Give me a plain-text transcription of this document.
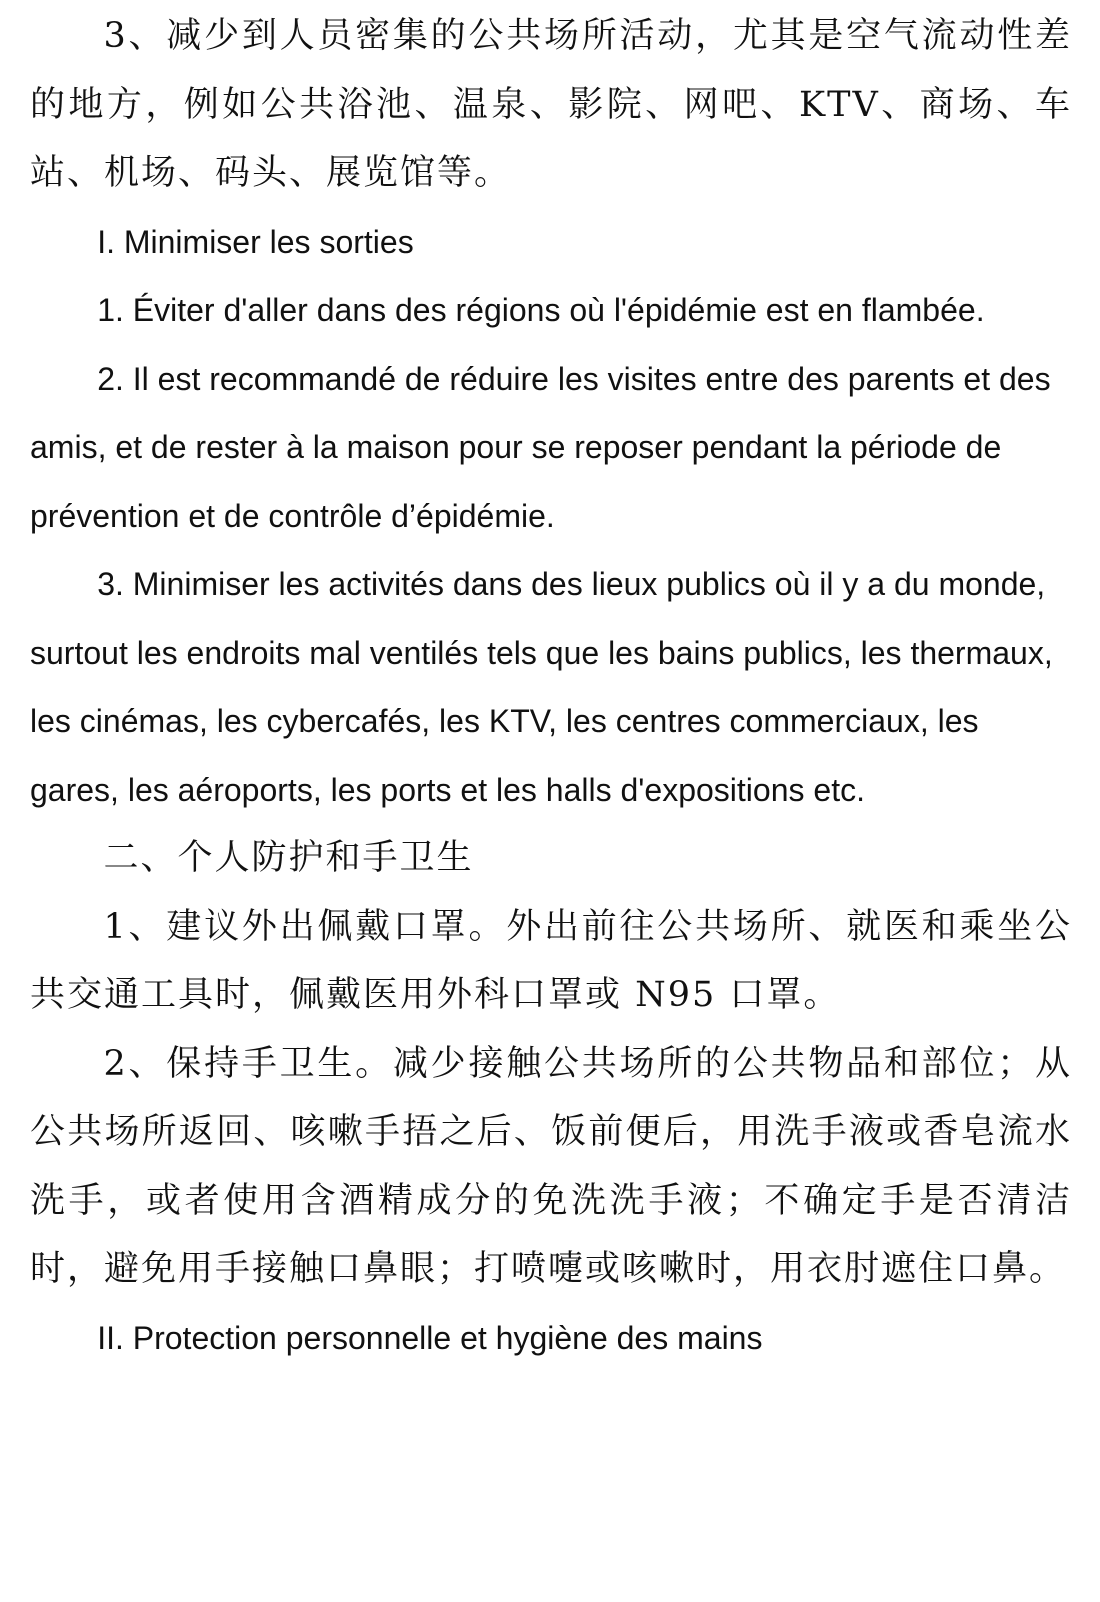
3、减少到人员密集的公共场所活动，尤其是空气流动性差的地方，例如公共浴池、温泉、影院、网吧、KTV、商场、车站、机场、码头、展览馆等。

I. Minimiser les sorties

1. Éviter d'aller dans des régions où l'épidémie est en flambée.

2. Il est recommandé de réduire les visites entre des parents et des amis, et de rester à la maison pour se reposer pendant la période de prévention et de contrôle d’épidémie.

3. Minimiser les activités dans des lieux publics où il y a du monde, surtout les endroits mal ventilés tels que les bains publics, les thermaux, les cinémas, les cybercafés, les KTV, les centres commerciaux, les gares, les aéroports, les ports et les halls d'expositions etc.

二、个人防护和手卫生

1、建议外出佩戴口罩。外出前往公共场所、就医和乘坐公共交通工具时，佩戴医用外科口罩或 N95 口罩。

2、保持手卫生。减少接触公共场所的公共物品和部位；从公共场所返回、咳嗽手捂之后、饭前便后，用洗手液或香皂流水洗手，或者使用含酒精成分的免洗洗手液；不确定手是否清洁时，避免用手接触口鼻眼；打喷嚏或咳嗽时，用衣肘遮住口鼻。

II. Protection personnelle et hygiène des mains
